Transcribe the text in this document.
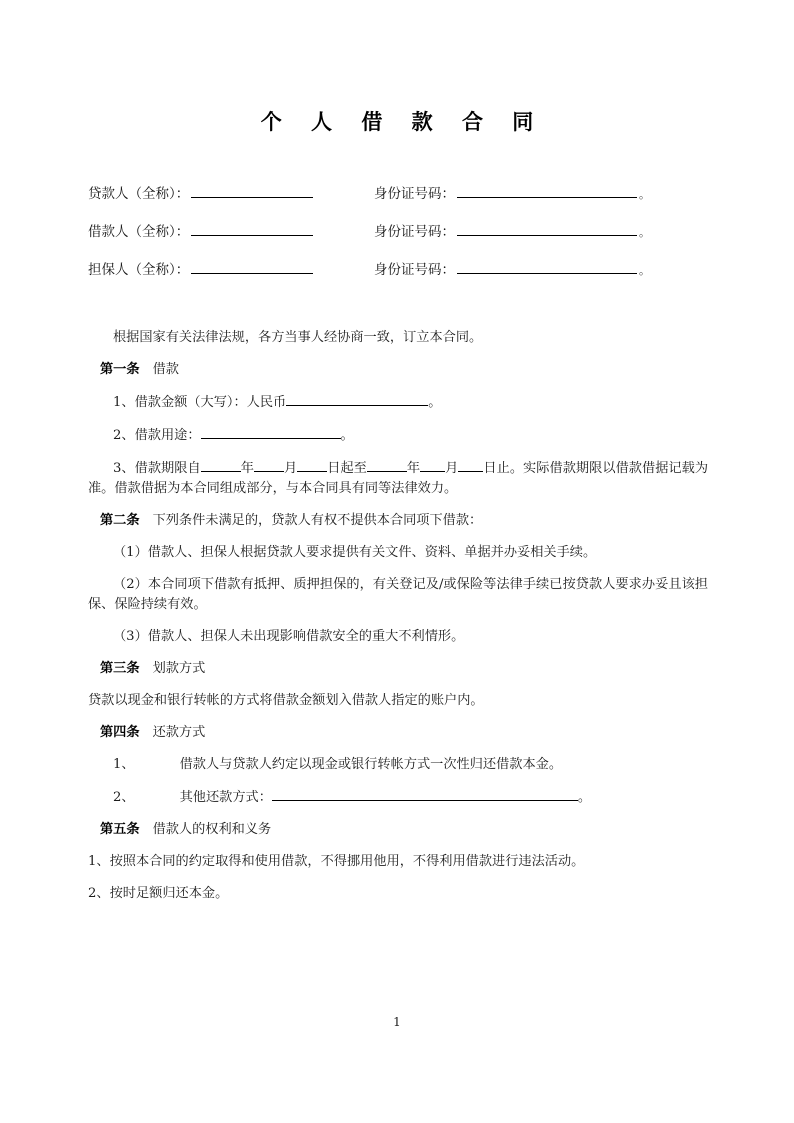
个 人 借 款 合 同
贷款人（全称）：	身份证号码：	。
借款人（全称）：	身份证号码：	。
担保人（全称）：	身份证号码：	。

根据国家有关法律法规，各方当事人经协商一致，订立本合同。

第一条 借款

1、借款金额（大写）：人民币	。

2、借款用途：	。

3、借款期限自	年 月 日起至	年 月 日止。实际借款期限以借款借据记载为准。借款借据为本合同组成部分，与本合同具有同等法律效力。

第二条 下列条件未满足的，贷款人有权不提供本合同项下借款：

（1）借款人、担保人根据贷款人要求提供有关文件、资料、单据并办妥相关手续。

（2）本合同项下借款有抵押、质押担保的，有关登记及/或保险等法律手续已按贷款人要求办妥且该担保、保险持续有效。

（3）借款人、担保人未出现影响借款安全的重大不利情形。

第三条 划款方式

贷款以现金和银行转帐的方式将借款金额划入借款人指定的账户内。

第四条 还款方式

1、	借款人与贷款人约定以现金或银行转帐方式一次性归还借款本金。

2、	其他还款方式：	。

第五条 借款人的权利和义务

1、按照本合同的约定取得和使用借款，不得挪用他用，不得利用借款进行违法活动。

2、按时足额归还本金。

1
